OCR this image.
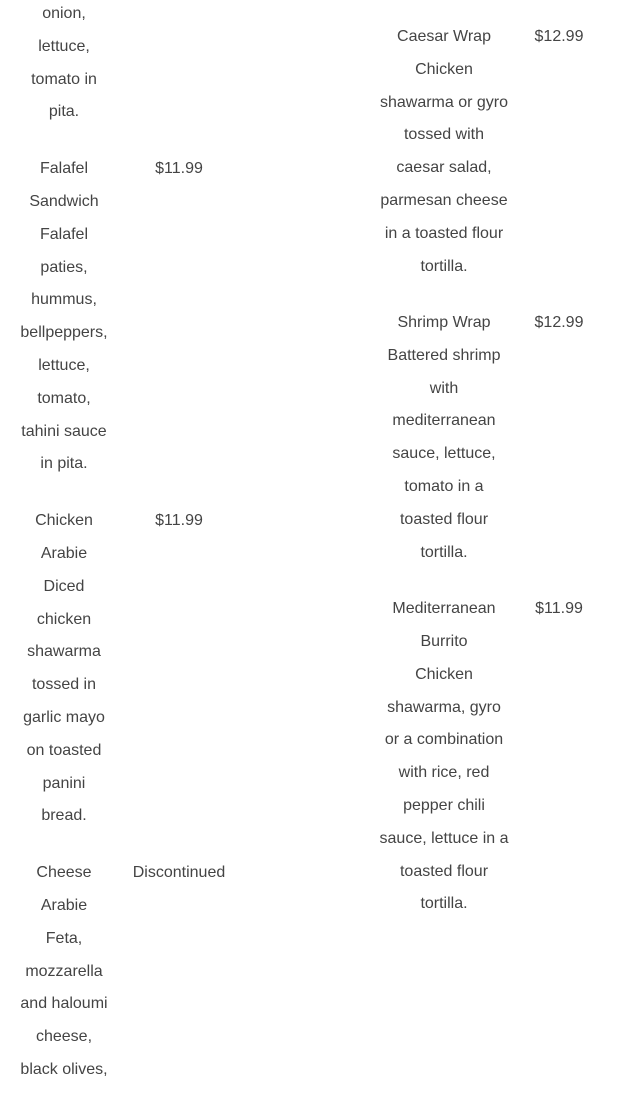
onion,
lettuce,
tomato in
pita.
Falafel
Sandwich
Falafel
paties,
hummus,
bellpeppers,
lettuce,
tomato,
tahini sauce
in pita.
$11.99
Chicken
Arabie
Diced
chicken
shawarma
tossed in
garlic mayo
on toasted
panini
bread.
$11.99
Cheese
Arabie
Feta,
mozzarella
and haloumi
cheese,
black olives,
Discontinued
Caesar Wrap
Chicken
shawarma or gyro
tossed with
caesar salad,
parmesan cheese
in a toasted flour
tortilla.
$12.99
Shrimp Wrap
Battered shrimp
with
mediterranean
sauce, lettuce,
tomato in a
toasted flour
tortilla.
$12.99
Mediterranean
Burrito
Chicken
shawarma, gyro
or a combination
with rice, red
pepper chili
sauce, lettuce in a
toasted flour
tortilla.
$11.99
